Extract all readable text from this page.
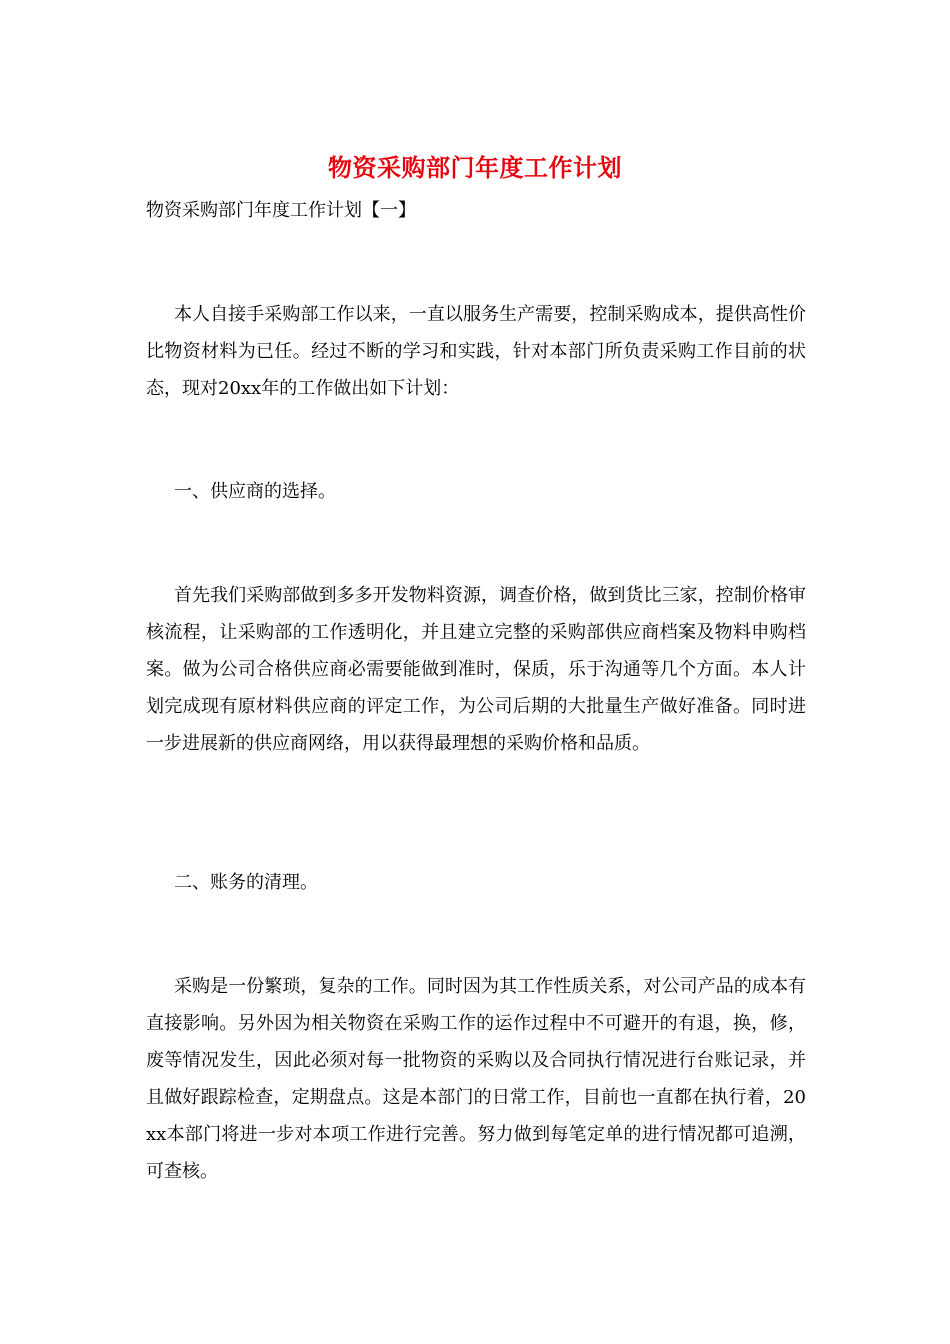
物资采购部门年度工作计划

物资采购部门年度工作计划【一】

本人自接手采购部工作以来，一直以服务生产需要，控制采购成本，提供高性价比物资材料为已任。经过不断的学习和实践，针对本部门所负责采购工作目前的状态，现对20xx年的工作做出如下计划：

一、供应商的选择。

首先我们采购部做到多多开发物料资源，调查价格，做到货比三家，控制价格审核流程，让采购部的工作透明化，并且建立完整的采购部供应商档案及物料申购档案。做为公司合格供应商必需要能做到准时，保质，乐于沟通等几个方面。本人计划完成现有原材料供应商的评定工作，为公司后期的大批量生产做好准备。同时进一步进展新的供应商网络，用以获得最理想的采购价格和品质。

二、账务的清理。

采购是一份繁琐，复杂的工作。同时因为其工作性质关系，对公司产品的成本有直接影响。另外因为相关物资在采购工作的运作过程中不可避开的有退，换，修，废等情况发生，因此必须对每一批物资的采购以及合同执行情况进行台账记录，并且做好跟踪检查，定期盘点。这是本部门的日常工作，目前也一直都在执行着，20xx本部门将进一步对本项工作进行完善。努力做到每笔定单的进行情况都可追溯，可查核。
